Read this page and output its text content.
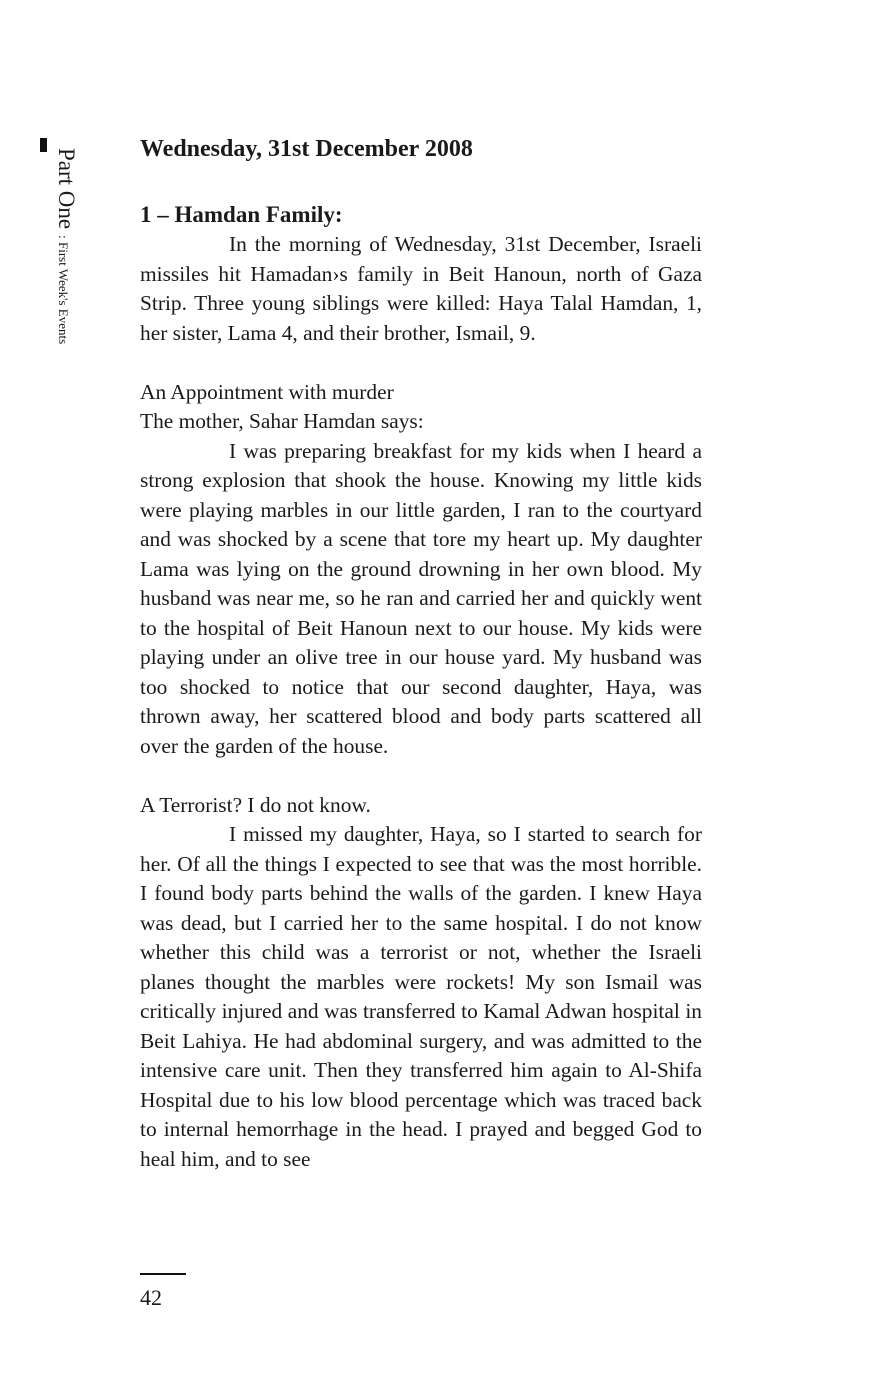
Part One: First Week's Events
Wednesday, 31st December 2008
1 – Hamdan Family:

In the morning of Wednesday, 31st December, Israeli missiles hit Hamadan›s family in Beit Hanoun, north of Gaza Strip. Three young siblings were killed: Haya Talal Hamdan, 1, her sister, Lama 4, and their brother, Ismail, 9.

An Appointment with murder
The mother, Sahar Hamdan says:

I was preparing breakfast for my kids when I heard a strong explosion that shook the house. Knowing my little kids were playing marbles in our little garden, I ran to the courtyard and was shocked by a scene that tore my heart up. My daughter Lama was lying on the ground drowning in her own blood. My husband was near me, so he ran and carried her and quickly went to the hospital of Beit Hanoun next to our house. My kids were playing under an olive tree in our house yard. My husband was too shocked to notice that our second daughter, Haya, was thrown away, her scattered blood and body parts scattered all over the garden of the house.

A Terrorist? I do not know.

I missed my daughter, Haya, so I started to search for her. Of all the things I expected to see that was the most horrible. I found body parts behind the walls of the garden. I knew Haya was dead, but I carried her to the same hospital. I do not know whether this child was a terrorist or not, whether the Israeli planes thought the marbles were rockets! My son Ismail was critically injured and was transferred to Kamal Adwan hospital in Beit Lahiya. He had abdominal surgery, and was admitted to the intensive care unit. Then they transferred him again to Al-Shifa Hospital due to his low blood percentage which was traced back to internal hemorrhage in the head. I prayed and begged God to heal him, and to see

42
